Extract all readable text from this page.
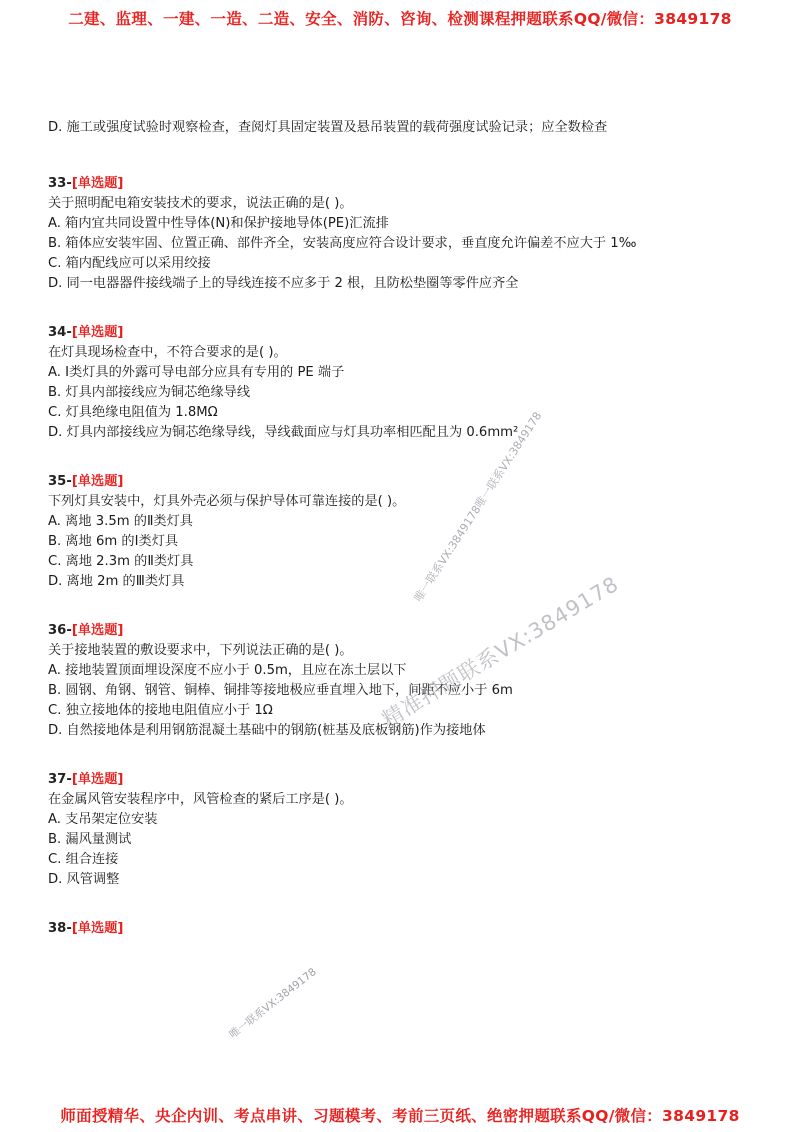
二建、监理、一建、一造、二造、安全、消防、咨询、检测课程押题联系QQ/微信：3849178
D. 施工或强度试验时观察检查，查阅灯具固定装置及悬吊装置的载荷强度试验记录；应全数检查
33-[单选题]
关于照明配电箱安装技术的要求，说法正确的是( )。
A. 箱内宜共同设置中性导体(N)和保护接地导体(PE)汇流排
B. 箱体应安装牢固、位置正确、部件齐全，安装高度应符合设计要求，垂直度允许偏差不应大于 1‰
C. 箱内配线应可以采用绞接
D. 同一电器器件接线端子上的导线连接不应多于 2 根，且防松垫圈等零件应齐全
34-[单选题]
在灯具现场检查中，不符合要求的是( )。
A. Ⅰ类灯具的外露可导电部分应具有专用的 PE 端子
B. 灯具内部接线应为铜芯绝缘导线
C. 灯具绝缘电阻值为 1.8MΩ
D. 灯具内部接线应为铜芯绝缘导线，导线截面应与灯具功率相匹配且为 0.6mm²
35-[单选题]
下列灯具安装中，灯具外壳必须与保护导体可靠连接的是( )。
A. 离地 3.5m 的Ⅱ类灯具
B. 离地 6m 的Ⅰ类灯具
C. 离地 2.3m 的Ⅱ类灯具
D. 离地 2m 的Ⅲ类灯具
36-[单选题]
关于接地装置的敷设要求中，下列说法正确的是( )。
A. 接地装置顶面埋设深度不应小于 0.5m，且应在冻土层以下
B. 圆钢、角钢、钢管、铜棒、铜排等接地极应垂直埋入地下，间距不应小于 6m
C. 独立接地体的接地电阻值应小于 1Ω
D. 自然接地体是利用钢筋混凝土基础中的钢筋(桩基及底板钢筋)作为接地体
37-[单选题]
在金属风管安装程序中，风管检查的紧后工序是( )。
A. 支吊架定位安装
B. 漏风量测试
C. 组合连接
D. 风管调整
38-[单选题]
唯一联系VX:3849178唯一联系VX:3849178
精准押题联系VX:3849178
唯一联系VX:3849178
师面授精华、央企内训、考点串讲、习题模考、考前三页纸、绝密押题联系QQ/微信：3849178
